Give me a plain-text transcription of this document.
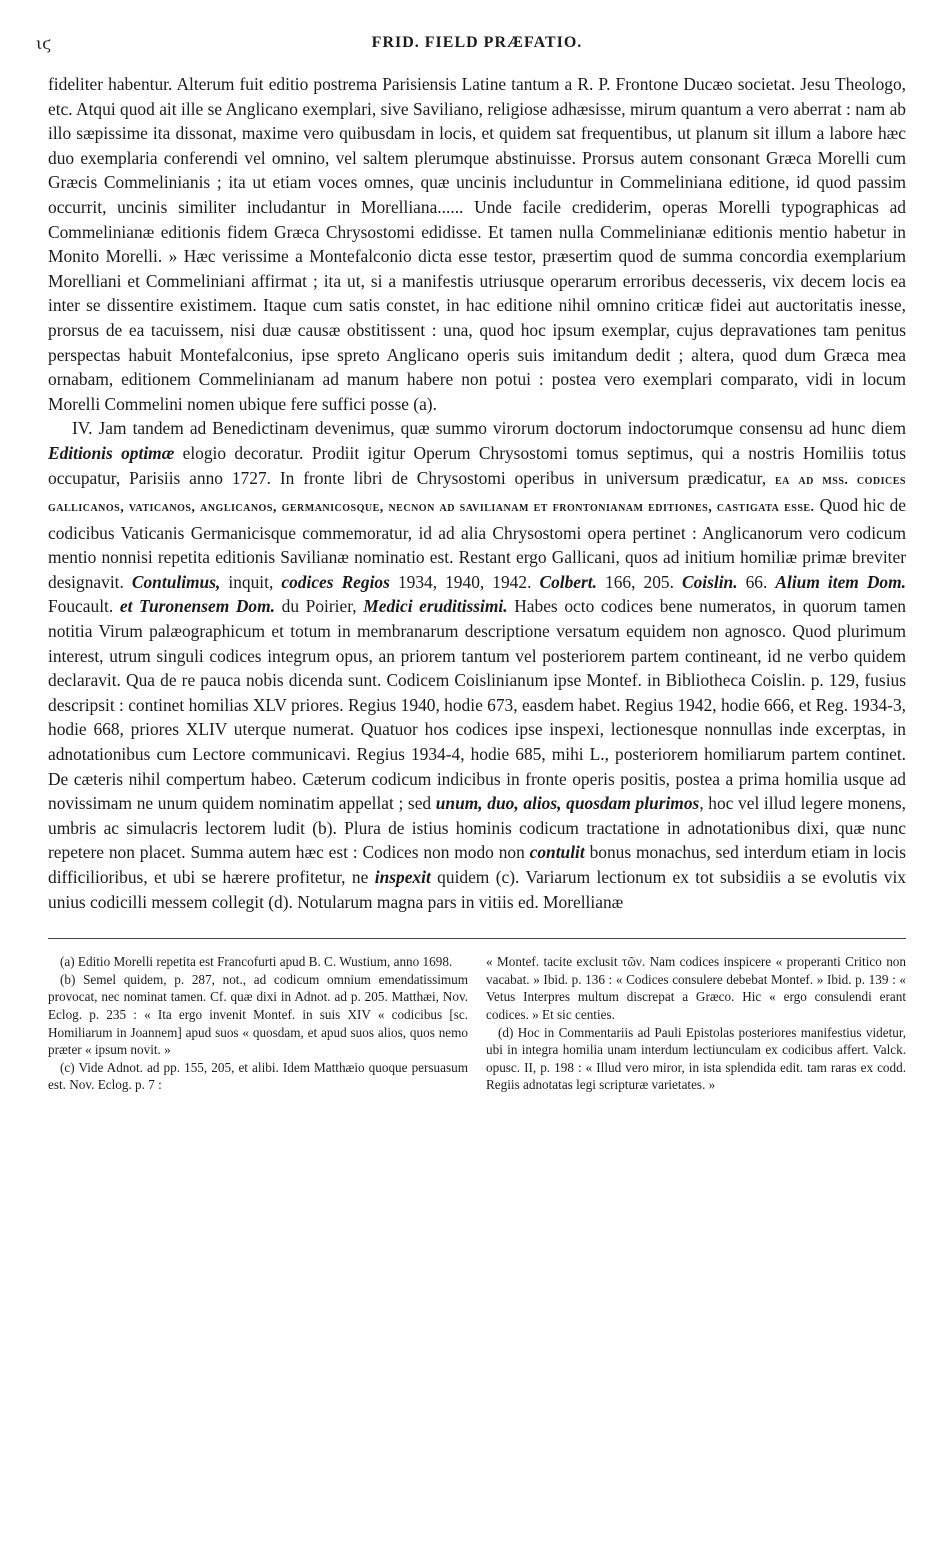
ιϛ	FRID. FIELD PRÆFATIO.

fideliter habentur. Alterum fuit editio postrema Parisiensis Latine tantum a R. P. Frontone Ducæo societat. Jesu Theologo, etc. Atqui quod ait ille se Anglicano exemplari, sive Saviliano, religiose adhæsisse, mirum quantum a vero aberrat : nam ab illo sæpissime ita dissonat, maxime vero quibusdam in locis, et quidem sat frequentibus, ut planum sit illum a labore hæc duo exemplaria conferendi vel omnino, vel saltem plerumque abstinuisse. Prorsus autem consonant Græca Morelli cum Græcis Commelinianis ; ita ut etiam voces omnes, quæ uncinis includuntur in Commeliniana editione, id quod passim occurrit, uncinis similiter includantur in Morelliana...... Unde facile crediderim, operas Morelli typographicas ad Commelinianæ editionis fidem Græca Chrysostomi edidisse. Et tamen nulla Commelinianæ editionis mentio habetur in Monito Morelli. » Hæc verissime a Montefalconio dicta esse testor, præsertim quod de summa concordia exemplarium Morelliani et Commeliniani affirmat ; ita ut, si a manifestis utriusque operarum erroribus decesseris, vix decem locis ea inter se dissentire existimem. Itaque cum satis constet, in hac editione nihil omnino criticæ fidei aut auctoritatis inesse, prorsus de ea tacuissem, nisi duæ causæ obstitissent : una, quod hoc ipsum exemplar, cujus depravationes tam penitus perspectas habuit Montefalconius, ipse spreto Anglicano operis suis imitandum dedit ; altera, quod dum Græca mea ornabam, editionem Commelinianam ad manum habere non potui : postea vero exemplari comparato, vidi in locum Morelli Commelini nomen ubique fere suffici posse (a).

IV. Jam tandem ad Benedictinam devenimus, quæ summo virorum doctorum indoctorumque consensu ad hunc diem Editionis optimæ elogio decoratur. Prodiit igitur Operum Chrysostomi tomus septimus, qui a nostris Homiliis totus occupatur, Parisiis anno 1727. In fronte libri de Chrysostomi operibus in universum prædicatur, ea ad mss. codices gallicanos, vaticanos, anglicanos, germanicosque, necnon ad savilianam et frontonianam editiones, castigata esse. Quod hic de codicibus Vaticanis Germanicisque commemoratur, id ad alia Chrysostomi opera pertinet : Anglicanorum vero codicum mentio nonnisi repetita editionis Savilianæ nominatio est. Restant ergo Gallicani, quos ad initium homiliæ primæ breviter designavit. Contulimus, inquit, codices Regios 1934, 1940, 1942. Colbert. 166, 205. Coislin. 66. Alium item Dom. Foucault. et Turonensem Dom. du Poirier, Medici eruditissimi. Habes octo codices bene numeratos, in quorum tamen notitia Virum palæographicum et totum in membranarum descriptione versatum equidem non agnosco. Quod plurimum interest, utrum singuli codices integrum opus, an priorem tantum vel posteriorem partem contineant, id ne verbo quidem declaravit. Qua de re pauca nobis dicenda sunt. Codicem Coislinianum ipse Montef. in Bibliotheca Coislin. p. 129, fusius descripsit : continet homilias XLV priores. Regius 1940, hodie 673, easdem habet. Regius 1942, hodie 666, et Reg. 1934-3, hodie 668, priores XLIV uterque numerat. Quatuor hos codices ipse inspexi, lectionesque nonnullas inde excerptas, in adnotationibus cum Lectore communicavi. Regius 1934-4, hodie 685, mihi L., posteriorem homiliarum partem continet. De cæteris nihil compertum habeo. Cæterum codicum indicibus in fronte operis positis, postea a prima homilia usque ad novissimam ne unum quidem nominatim appellat ; sed unum, duo, alios, quosdam plurimos, hoc vel illud legere monens, umbris ac simulacris lectorem ludit (b). Plura de istius hominis codicum tractatione in adnotationibus dixi, quæ nunc repetere non placet. Summa autem hæc est : Codices non modo non contulit bonus monachus, sed interdum etiam in locis difficilioribus, et ubi se hærere profitetur, ne inspexit quidem (c). Variarum lectionum ex tot subsidiis a se evolutis vix unius codicilli messem collegit (d). Notularum magna pars in vitiis ed. Morellianæ

(a) Editio Morelli repetita est Francofurti apud B. C. Wustium, anno 1698.

(b) Semel quidem, p. 287, not., ad codicum omnium emendatissimum provocat, nec nominat tamen. Cf. quæ dixi in Adnot. ad p. 205. Matthæi, Nov. Eclog. p. 235 : « Ita ergo invenit Montef. in suis XIV « codicibus [sc. Homiliarum in Joannem] apud suos « quosdam, et apud suos alios, quos nemo præter « ipsum novit. »

(c) Vide Adnot. ad pp. 155, 205, et alibi. Idem Matthæio quoque persuasum est. Nov. Eclog. p. 7 :

« Montef. tacite exclusit τῶν. Nam codices inspicere « properanti Critico non vacabat. » Ibid. p. 136 : « Codices consulere debebat Montef. » Ibid. p. 139 : « Vetus Interpres multum discrepat a Græco. Hic « ergo consulendi erant codices. » Et sic centies.

(d) Hoc in Commentariis ad Pauli Epistolas posteriores manifestius videtur, ubi in integra homilia unam interdum lectiunculam ex codicibus affert. Valck. opusc. II, p. 198 : « Illud vero miror, in ista splendida edit. tam raras ex codd. Regiis adnotatas legi scripturæ varietates. »
